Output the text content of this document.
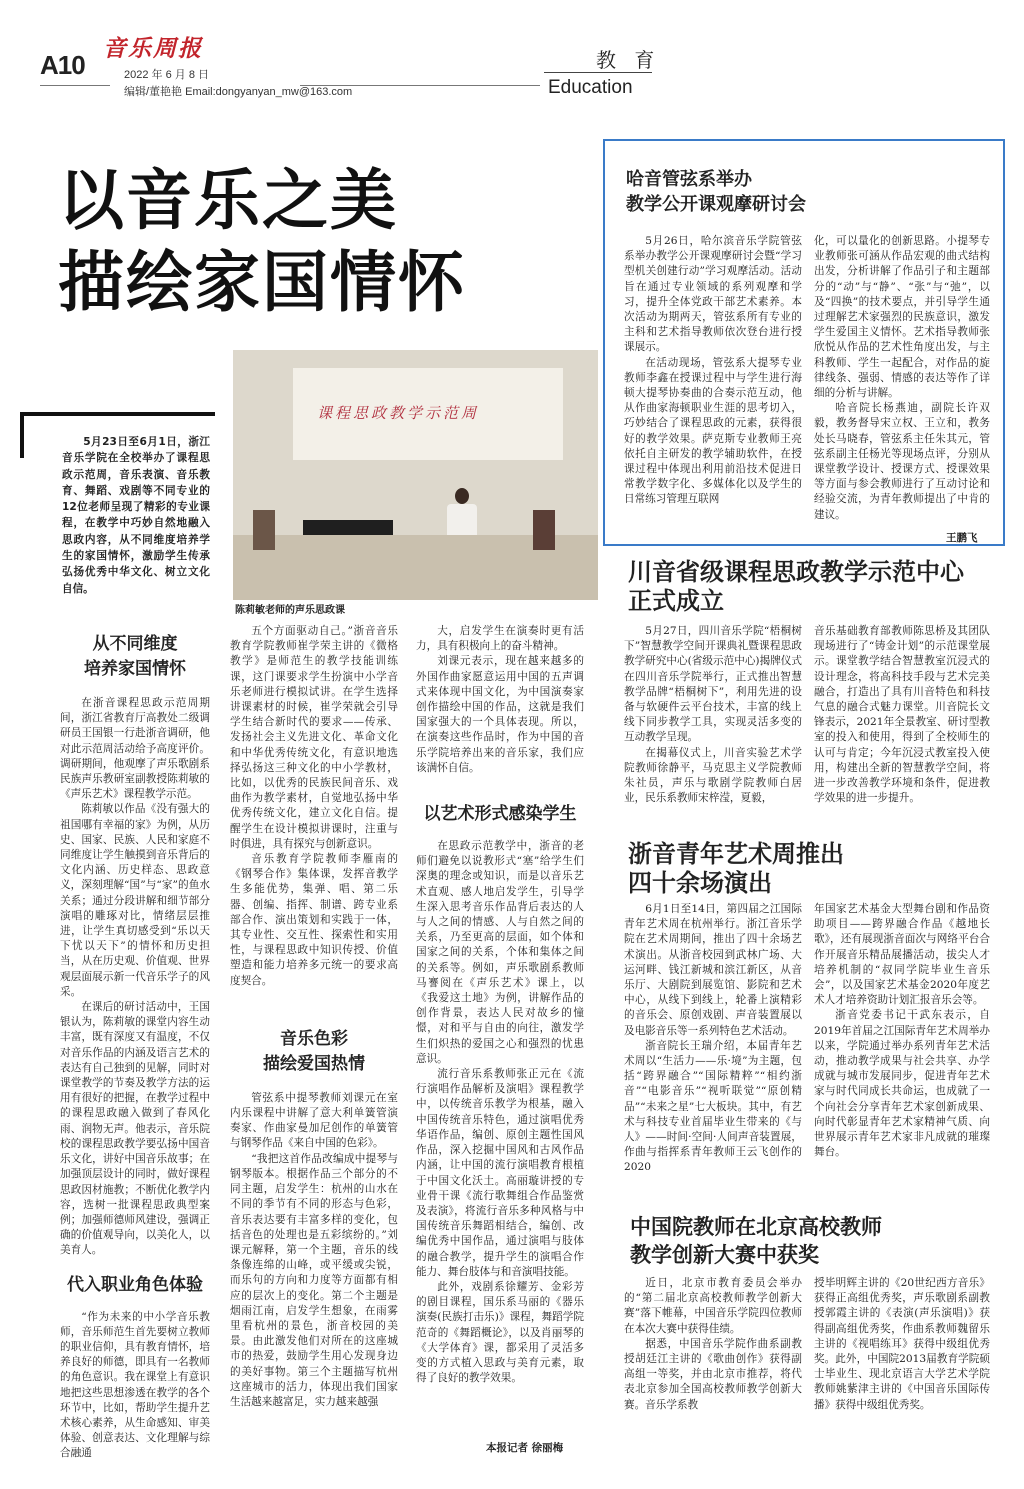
A10
音乐周报
2022 年 6 月 8 日
编辑/董艳艳 Email:dongyanyan_mw@163.com
教 育
Education
以音乐之美
描绘家国情怀
5月23日至6月1日，浙江音乐学院在全校举办了课程思政示范周，音乐表演、音乐教育、舞蹈、戏剧等不同专业的12位老师呈现了精彩的专业课程，在教学中巧妙自然地融入思政内容，从不同维度培养学生的家国情怀，激励学生传承弘扬优秀中华文化、树立文化自信。
课程思政教学示范周
陈莉敏老师的声乐思政课
从不同维度
培养家国情怀

在浙音课程思政示范周期间，浙江省教育厅高教处二级调研员王国银一行赴浙音调研，他对此示范周活动给予高度评价。调研期间，他观摩了声乐歌剧系民族声乐教研室副教授陈莉敏的《声乐艺术》课程教学示范。

陈莉敏以作品《没有强大的祖国哪有幸福的家》为例，从历史、国家、民族、人民和家庭不同维度让学生触摸到音乐背后的文化内涵、历史样态、思政意义，深刻理解“国”与“家”的鱼水关系；通过分段讲解和细节部分演唱的雕琢对比，情绪层层推进，让学生真切感受到“乐以天下忧以天下”的情怀和历史担当，从在历史观、价值观、世界观层面展示新一代音乐学子的风采。

在课后的研讨活动中，王国银认为，陈莉敏的课堂内容生动丰富，既有深度又有温度，不仅对音乐作品的内涵及语言艺术的表达有自己独到的见解，同时对课堂教学的节奏及教学方法的运用有很好的把握，在教学过程中的课程思政融入做到了春风化雨、润物无声。他表示，音乐院校的课程思政教学要弘扬中国音乐文化，讲好中国音乐故事；在加强顶层设计的同时，做好课程思政因材施教；不断优化教学内容，选树一批课程思政典型案例；加强师德师风建设，强调正确的价值观导向，以美化人，以美育人。

代入职业角色体验

“作为未来的中小学音乐教师，音乐师范生首先要树立教师的职业信仰，具有教育情怀，培养良好的师德，即具有一名教师的角色意识。我在课堂上有意识地把这些思想渗透在教学的各个环节中，比如，帮助学生提升艺术核心素养，从生命感知、审美体验、创意表达、文化理解与综合融通

五个方面驱动自己。”浙音音乐教育学院教师崔学荣主讲的《微格教学》是师范生的教学技能训练课，这门课要求学生扮演中小学音乐老师进行模拟试讲。在学生选择讲课素材的时候，崔学荣就会引导学生结合新时代的要求——传承、发扬社会主义先进文化、革命文化和中华优秀传统文化，有意识地选择弘扬这三种文化的中小学教材，比如，以优秀的民族民间音乐、戏曲作为教学素材，自觉地弘扬中华优秀传统文化，建立文化自信。提醒学生在设计模拟讲课时，注重与时俱进，具有探究与创新意识。

音乐教育学院教师李雁南的《钢琴合作》集体课，发挥音教学生多能优势，集弹、唱、第二乐器、创编、指挥、制谱、跨专业系部合作、演出策划和实践于一体，其专业性、交互性、探索性和实用性，与课程思政中知识传授、价值塑造和能力培养多元统一的要求高度契合。

音乐色彩
描绘爱国热情

管弦系中提琴教师刘课元在室内乐课程中讲解了意大利单簧管演奏家、作曲家曼加尼创作的单簧管与钢琴作品《来自中国的色彩》。

“我把这首作品改编成中提琴与钢琴版本。根据作品三个部分的不同主题，启发学生：杭州的山水在不同的季节有不同的形态与色彩，音乐表达要有丰富多样的变化，包括音色的处理也是五彩缤纷的。”刘课元解释，第一个主题，音乐的线条像连绵的山峰，或平缓或尖锐，而乐句的方向和力度等方面都有相应的层次上的变化。第二个主题是烟雨江南，启发学生想象，在雨雾里看杭州的景色，浙音校园的美景。由此激发他们对所在的这座城市的热爱，鼓励学生用心发现身边的美好事物。第三个主题描写杭州这座城市的活力，体现出我们国家生活越来越富足，实力越来越强

大，启发学生在演奏时更有活力，具有积极向上的奋斗精神。

刘课元表示，现在越来越多的外国作曲家愿意运用中国的五声调式来体现中国文化，为中国演奏家创作描绘中国的作品，这就是我们国家强大的一个具体表现。所以，在演奏这些作品时，作为中国的音乐学院培养出来的音乐家，我们应该满怀自信。

以艺术形式感染学生

在思政示范教学中，浙音的老师们避免以说教形式“塞”给学生们深奥的理念或知识，而是以音乐艺术直观、感人地启发学生，引导学生深入思考音乐作品背后表达的人与人之间的情感、人与自然之间的关系，乃至更高的层面，如个体和国家之间的关系，个体和集体之间的关系等。例如，声乐歌剧系教师马謇阅在《声乐艺术》课上，以《我爱这土地》为例，讲解作品的创作背景，表达人民对故乡的憧憬，对和平与自由的向往，激发学生们炽热的爱国之心和强烈的忧患意识。

流行音乐系教师张正元在《流行演唱作品解析及演唱》课程教学中，以传统音乐教学为根基，融入中国传统音乐特色，通过演唱优秀华语作品，编创、原创主题性国风作品，深入挖掘中国风和古风作品内涵，让中国的流行演唱教育根植于中国文化沃土。高丽璇讲授的专业骨干课《流行歌舞组合作品鉴赏及表演》，将流行音乐多种风格与中国传统音乐舞蹈相结合，编创、改编优秀中国作品，通过演唱与肢体的融合教学，提升学生的演唱合作能力、舞台肢体与和音演唱技能。

此外，戏剧系徐耀芳、金彩芳的剧目课程，国乐系马丽的《器乐演奏(民族打击乐)》课程，舞蹈学院范奇的《舞蹈概论》，以及肖丽琴的《大学体育》课，都采用了灵活多变的方式植入思政与美育元素，取得了良好的教学效果。

本报记者 徐丽梅
哈音管弦系举办
教学公开课观摩研讨会

5月26日，哈尔滨音乐学院管弦系举办教学公开课观摩研讨会暨“学习型机关创建行动”学习观摩活动。活动旨在通过专业领域的系列观摩和学习，提升全体党政干部艺术素养。本次活动为期两天，管弦系所有专业的主科和艺术指导教师依次登台进行授课展示。

在活动现场，管弦系大提琴专业教师李鑫在授课过程中与学生进行海顿大提琴协奏曲的合奏示范互动，他从作曲家海顿职业生涯的思考切入，巧妙结合了课程思政的元素，获得很好的教学效果。萨克斯专业教师王亮依托自主研发的教学辅助软件，在授课过程中体现出利用前沿技术促进日常教学数字化、多媒体化以及学生的日常练习管理互联网

化，可以量化的创新思路。小提琴专业教师张可涵从作品宏观的曲式结构出发，分析讲解了作品引子和主题部分的“动”与“静”、“张”与“弛”，以及“四换”的技术要点，并引导学生通过理解艺术家强烈的民族意识，激发学生爱国主义情怀。艺术指导教师张欣悦从作品的艺术性角度出发，与主科教师、学生一起配合，对作品的旋律线条、强弱、情感的表达等作了详细的分析与讲解。

哈音院长杨燕迪，副院长许双毅，教务督导宋立权、王立和，教务处长马晓春，管弦系主任朱其元，管弦系副主任杨光等现场点评，分别从课堂教学设计、授课方式、授课效果等方面与参会教师进行了互动讨论和经验交流，为青年教师提出了中肯的建议。

王鹏飞
川音省级课程思政教学示范中心
正式成立

5月27日，四川音乐学院“梧桐树下”智慧教学空间开课典礼暨课程思政教学研究中心(省级示范中心)揭牌仪式在四川音乐学院举行，正式推出智慧教学品牌“梧桐树下”，利用先进的设备与软硬件云平台技术，丰富的线上线下同步教学工具，实现灵活多变的互动教学呈现。

在揭幕仪式上，川音实验艺术学院教师徐静平，马克思主义学院教师朱社员，声乐与歌剧学院教师白居业，民乐系教师宋梓滢，夏毅，

音乐基础教育部教师陈思桥及其团队现场进行了“铸金计划”的示范课堂展示。课堂教学结合智慧教室沉浸式的设计理念，将高科技手段与艺术完美融合，打造出了具有川音特色和科技气息的融合式魅力课堂。川音院长文锋表示，2021年全景教室、研讨型教室的投入和使用，得到了全校师生的认可与肯定；今年沉浸式教室投入使用，构建出全新的智慧教学空间，将进一步改善教学环境和条件，促进教学效果的进一步提升。

浙音青年艺术周推出
四十余场演出

6月1日至14日，第四届之江国际青年艺术周在杭州举行。浙江音乐学院在艺术周期间，推出了四十余场艺术演出。从浙音校园到武林广场、大运河畔、钱江新城和滨江新区，从音乐厅、大剧院到展览馆、影院和艺术中心，从线下到线上，轮番上演精彩的音乐会、原创戏剧、声音装置展以及电影音乐等一系列特色艺术活动。

浙音院长王瑞介绍，本届青年艺术周以“生活力——乐·境”为主题，包括“跨界融合”“国际精粹”“相约浙音”“电影音乐”“视听联觉”“原创精品”“未来之星”七大板块。其中，有艺术与科技专业首届毕业生带来的《与人》——时间·空间·人间声音装置展，作曲与指挥系青年教师王云飞创作的2020

年国家艺术基金大型舞台剧和作品资助项目——跨界融合作品《越地长歌》，还有展现浙音面次与网络平台合作开展音乐精品展播活动，拔尖人才培养机制的“叔同学院毕业生音乐会”，以及国家艺术基金2020年度艺术人才培养资助计划汇报音乐会等。

浙音党委书记干武东表示，自2019年首届之江国际青年艺术周举办以来，学院通过举办系列青年艺术活动，推动教学成果与社会共享、办学成就与城市发展同步，促进青年艺术家与时代同成长共命运，也成就了一个向社会分享青年艺术家创新成果、向时代彰显青年艺术家精神气质、向世界展示青年艺术家非凡成就的璀璨舞台。

中国院教师在北京高校教师
教学创新大赛中获奖

近日，北京市教育委员会举办的“第二届北京高校教师教学创新大赛”落下帷幕，中国音乐学院四位教师在本次大赛中获得佳绩。

据悉，中国音乐学院作曲系副教授胡廷江主讲的《歌曲创作》获得副高组一等奖，并由北京市推荐，将代表北京参加全国高校教师教学创新大赛。音乐学系教

授毕明辉主讲的《20世纪西方音乐》获得正高组优秀奖，声乐歌剧系副教授郭霞主讲的《表演(声乐演唱)》获得副高组优秀奖，作曲系教师魏留乐主讲的《视唱练耳》获得中级组优秀奖。此外，中国院2013届教育学院硕士毕业生、现北京语言大学艺术学院教师姚紫津主讲的《中国音乐国际传播》获得中级组优秀奖。
